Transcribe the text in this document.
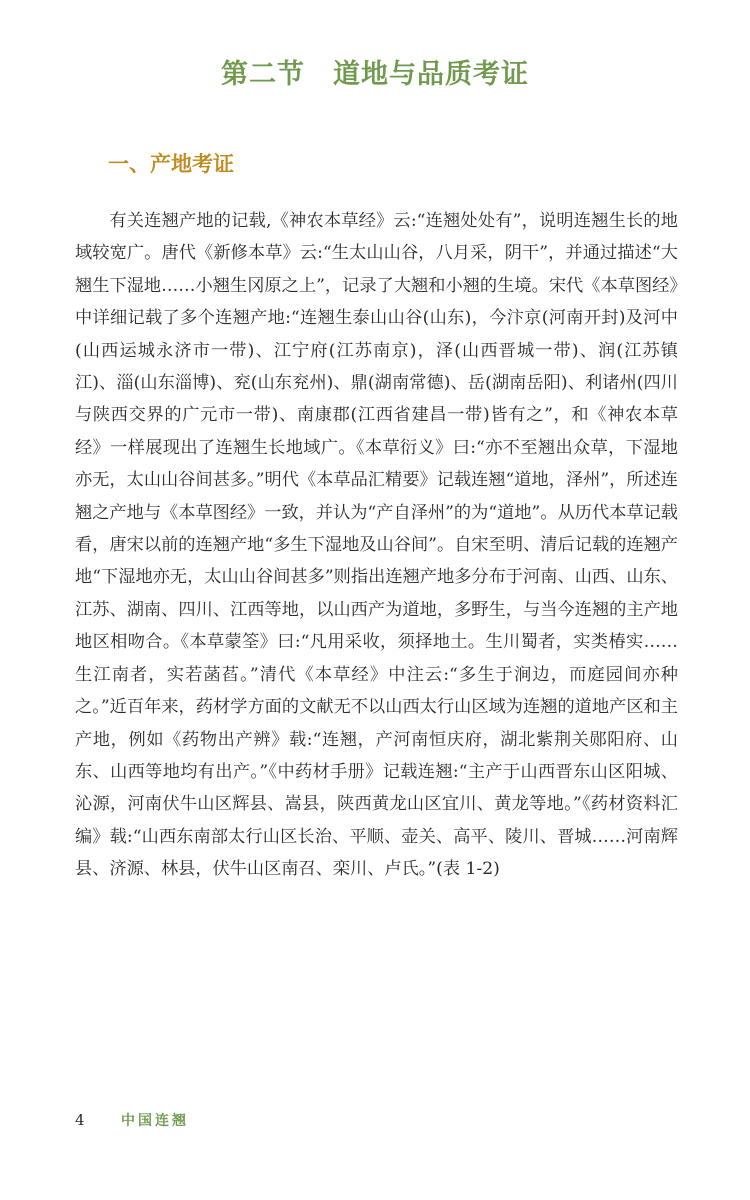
第二节　道地与品质考证
一、产地考证

有关连翘产地的记载,《神农本草经》云:“连翘处处有”，说明连翘生长的地域较宽广。唐代《新修本草》云:“生太山山谷，八月采，阴干”，并通过描述“大翘生下湿地……小翘生冈原之上”，记录了大翘和小翘的生境。宋代《本草图经》中详细记载了多个连翘产地:“连翘生泰山山谷(山东)，今汴京(河南开封)及河中(山西运城永济市一带)、江宁府(江苏南京)，泽(山西晋城一带)、润(江苏镇江)、淄(山东淄博)、兖(山东兖州)、鼎(湖南常德)、岳(湖南岳阳)、利诸州(四川与陕西交界的广元市一带)、南康郡(江西省建昌一带)皆有之”，和《神农本草经》一样展现出了连翘生长地域广。《本草衍义》曰:“亦不至翘出众草，下湿地亦无，太山山谷间甚多。”明代《本草品汇精要》记载连翘“道地，泽州”，所述连翘之产地与《本草图经》一致，并认为“产自泽州”的为“道地”。从历代本草记载看，唐宋以前的连翘产地“多生下湿地及山谷间”。自宋至明、清后记载的连翘产地“下湿地亦无，太山山谷间甚多”则指出连翘产地多分布于河南、山西、山东、江苏、湖南、四川、江西等地，以山西产为道地，多野生，与当今连翘的主产地地区相吻合。《本草蒙筌》曰:“凡用采收，须择地土。生川蜀者，实类椿实……生江南者，实若菡萏。”清代《本草经》中注云:“多生于涧边，而庭园间亦种之。”近百年来，药材学方面的文献无不以山西太行山区域为连翘的道地产区和主产地，例如《药物出产辨》载:“连翘，产河南恒庆府，湖北紫荆关郧阳府、山东、山西等地均有出产。”《中药材手册》记载连翘:“主产于山西晋东山区阳城、沁源，河南伏牛山区辉县、嵩县，陕西黄龙山区宜川、黄龙等地。”《药材资料汇编》载:“山西东南部太行山区长治、平顺、壶关、高平、陵川、晋城……河南辉县、济源、林县，伏牛山区南召、栾川、卢氏。”(表 1-2)

4	中国连翘
